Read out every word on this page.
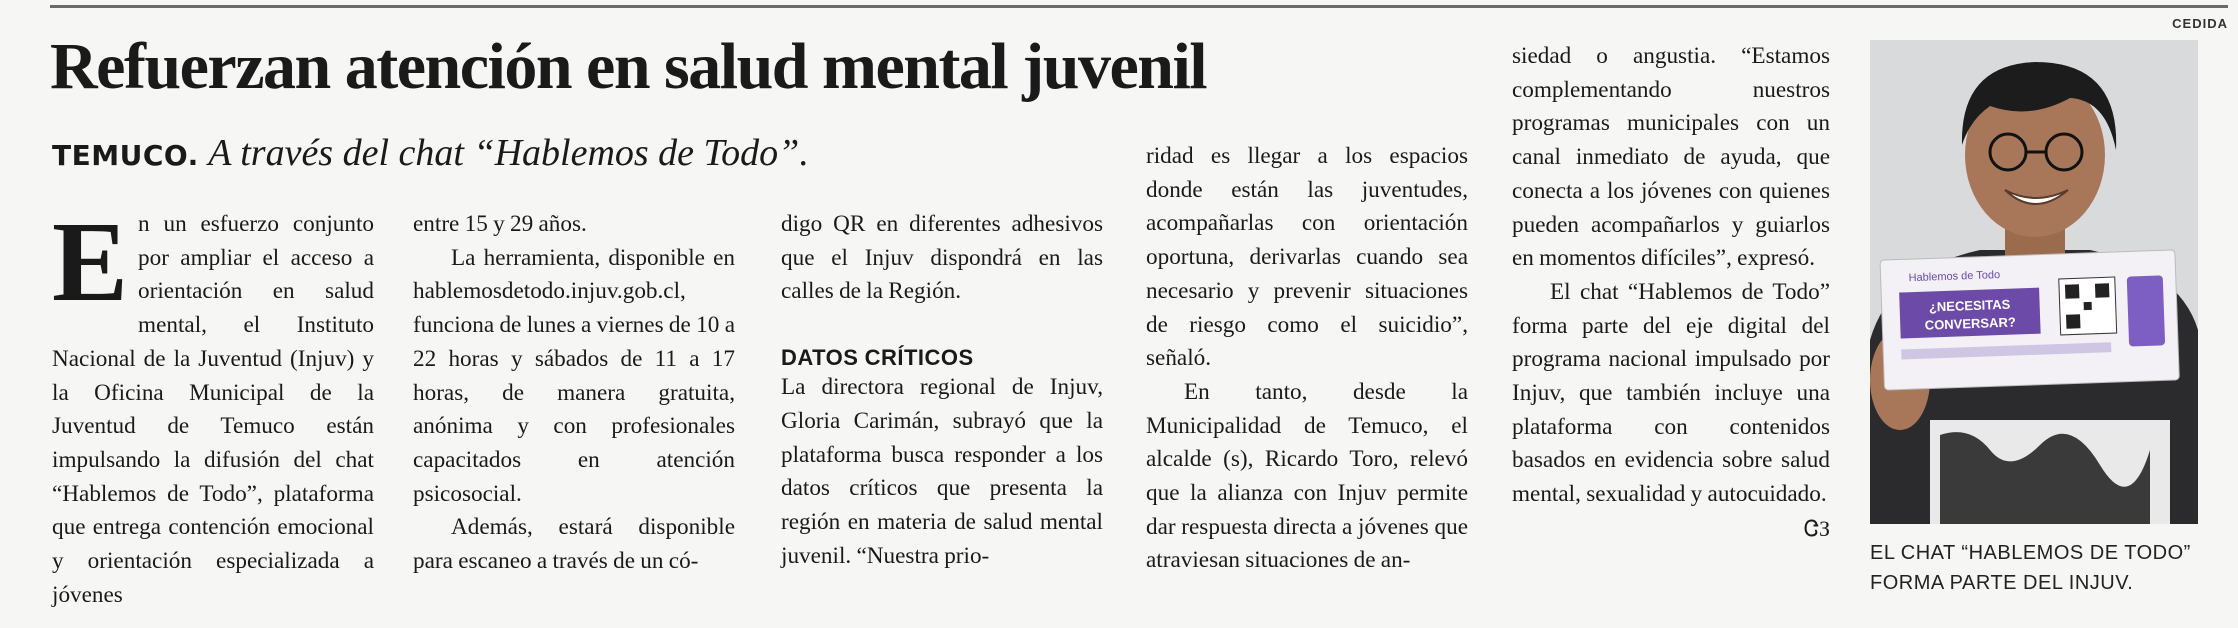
CEDIDA
Refuerzan atención en salud mental juvenil
TEMUCO. A través del chat “Hablemos de Todo”.
E n un esfuerzo conjunto por ampliar el acceso a orientación en salud mental, el Instituto Nacional de la Juventud (Injuv) y la Oficina Municipal de la Juventud de Temuco están impulsando la difusión del chat “Hablemos de Todo”, plataforma que entrega contención emocional y orientación especializada a jóvenes

entre 15 y 29 años.

La herramienta, disponible en hablemosdetodo.injuv.gob.cl, funciona de lunes a viernes de 10 a 22 horas y sábados de 11 a 17 horas, de manera gratuita, anónima y con profesionales capacitados en atención psicosocial.

Además, estará disponible para escaneo a través de un có-

digo QR en diferentes adhesivos que el Injuv dispondrá en las calles de la Región.

DATOS CRÍTICOS

La directora regional de Injuv, Gloria Carimán, subrayó que la plataforma busca responder a los datos críticos que presenta la región en materia de salud mental juvenil. “Nuestra prio-

ridad es llegar a los espacios donde están las juventudes, acompañarlas con orientación oportuna, derivarlas cuando sea necesario y prevenir situaciones de riesgo como el suicidio”, señaló.

En tanto, desde la Municipalidad de Temuco, el alcalde (s), Ricardo Toro, relevó que la alianza con Injuv permite dar respuesta directa a jóvenes que atraviesan situaciones de an-

siedad o angustia. “Estamos complementando nuestros programas municipales con un canal inmediato de ayuda, que conecta a los jóvenes con quienes pueden acompañarlos y guiarlos en momentos difíciles”, expresó.

El chat “Hablemos de Todo” forma parte del eje digital del programa nacional impulsado por Injuv, que también incluye una plataforma con contenidos basados en evidencia sobre salud mental, sexualidad y autocuidado.

ᏣЗ
¿NECESITAS
CONVERSAR?
Hablemos de Todo
EL CHAT “HABLEMOS DE TODO” FORMA PARTE DEL INJUV.
